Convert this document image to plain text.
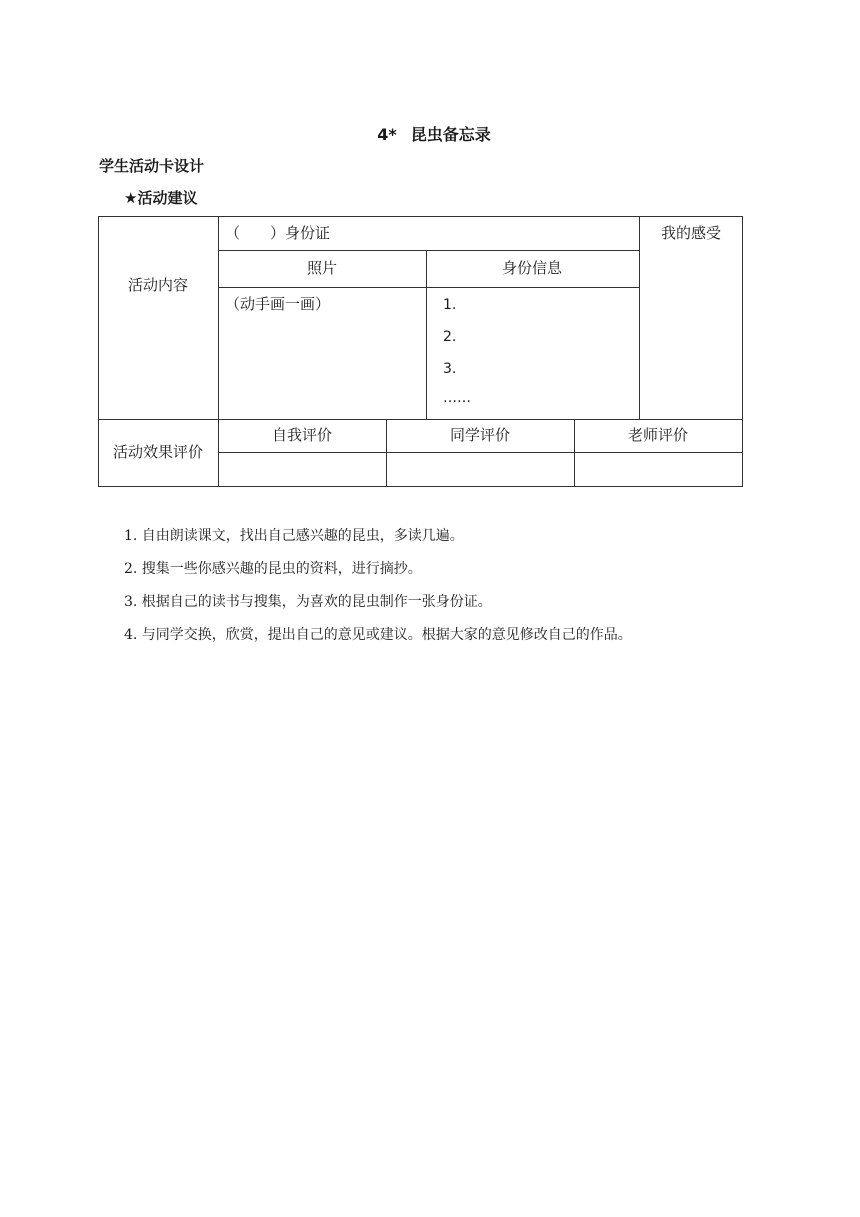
4* 昆虫备忘录
学生活动卡设计
★活动建议
活动内容
（　　）身份证	我的感受
照片	身份信息
（动手画一画）	1.
2.
3.
……
活动效果评价
自我评价	同学评价	老师评价
1. 自由朗读课文，找出自己感兴趣的昆虫，多读几遍。
2. 搜集一些你感兴趣的昆虫的资料，进行摘抄。
3. 根据自己的读书与搜集，为喜欢的昆虫制作一张身份证。
4. 与同学交换，欣赏，提出自己的意见或建议。根据大家的意见修改自己的作品。
